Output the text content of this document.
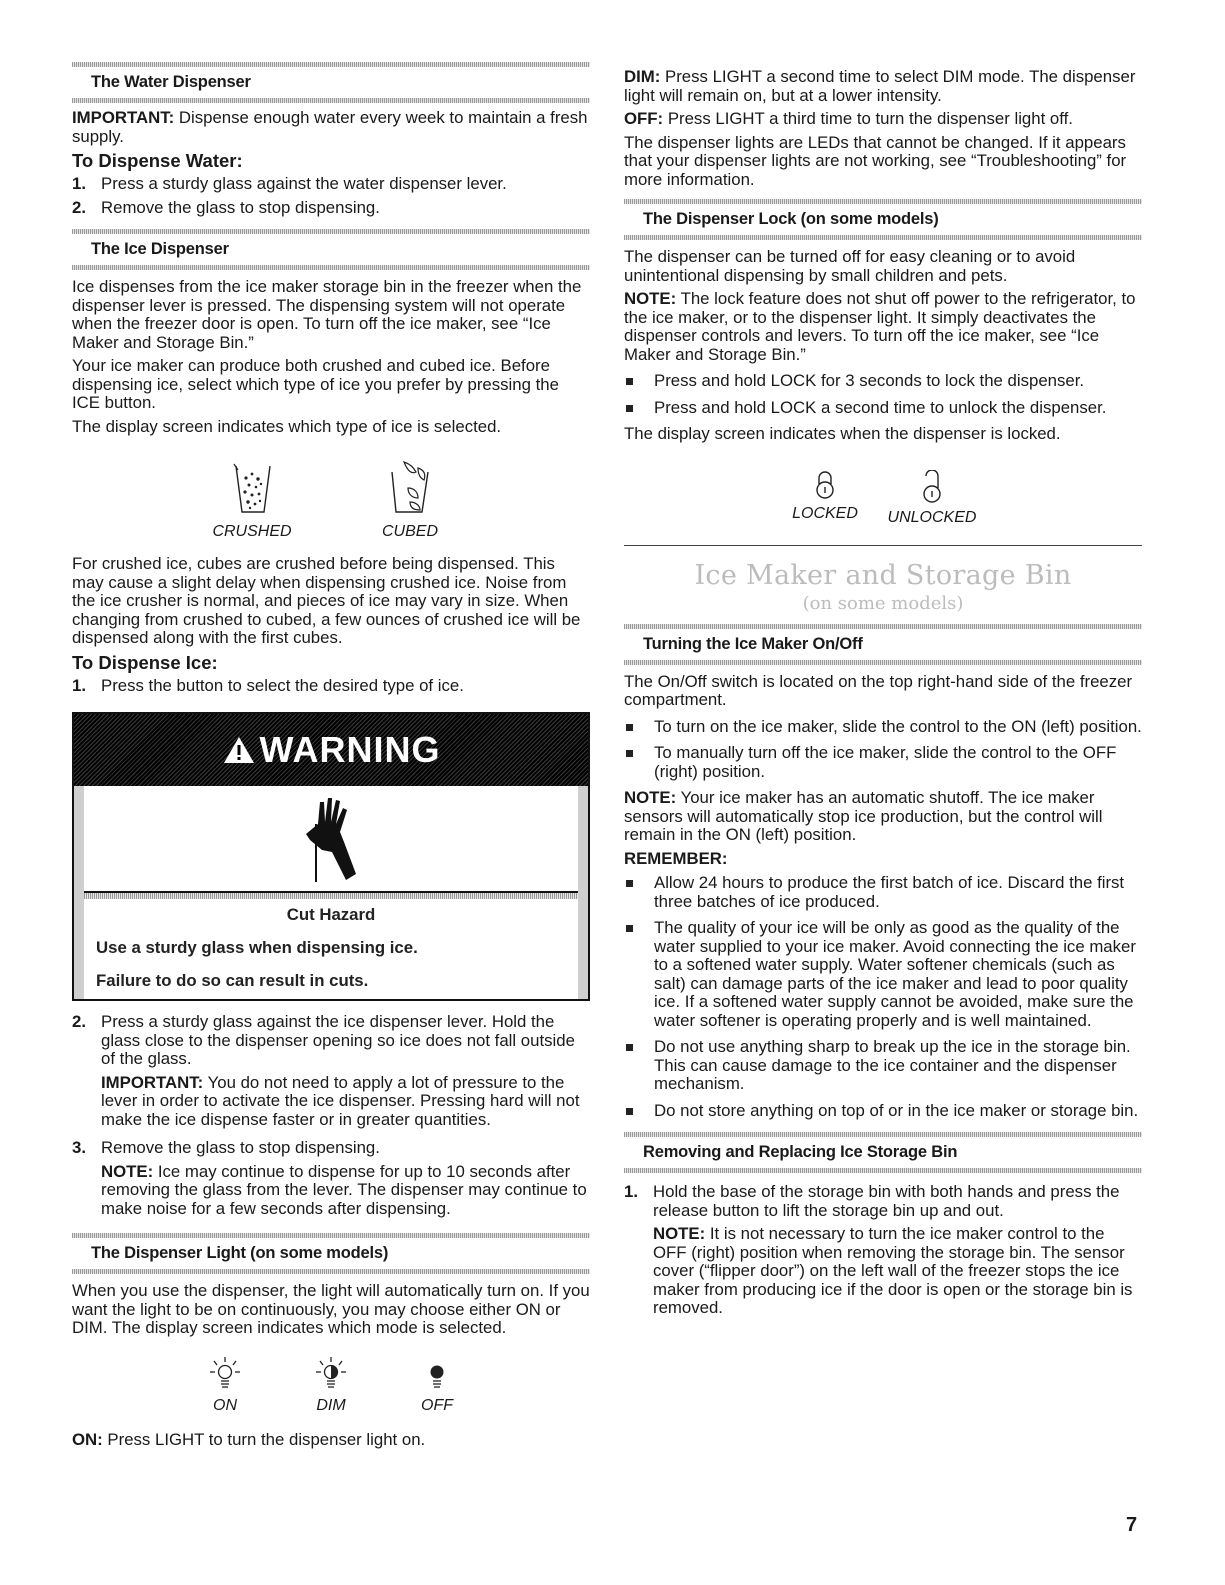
The Water Dispenser

IMPORTANT: Dispense enough water every week to maintain a fresh supply.

To Dispense Water:
1. Press a sturdy glass against the water dispenser lever.
2. Remove the glass to stop dispensing.
The Ice Dispenser

Ice dispenses from the ice maker storage bin in the freezer when the dispenser lever is pressed. The dispensing system will not operate when the freezer door is open. To turn off the ice maker, see “Ice Maker and Storage Bin.”

Your ice maker can produce both crushed and cubed ice. Before dispensing ice, select which type of ice you prefer by pressing the ICE button.

The display screen indicates which type of ice is selected.

CRUSHED	CUBED

For crushed ice, cubes are crushed before being dispensed. This may cause a slight delay when dispensing crushed ice. Noise from the ice crusher is normal, and pieces of ice may vary in size. When changing from crushed to cubed, a few ounces of crushed ice will be dispensed along with the first cubes.

To Dispense Ice:
1. Press the button to select the desired type of ice.
WARNING
Cut Hazard
Use a sturdy glass when dispensing ice.
Failure to do so can result in cuts.
2. Press a sturdy glass against the ice dispenser lever. Hold the glass close to the dispenser opening so ice does not fall outside of the glass.

IMPORTANT: You do not need to apply a lot of pressure to the lever in order to activate the ice dispenser. Pressing hard will not make the ice dispense faster or in greater quantities.

3. Remove the glass to stop dispensing.

NOTE: Ice may continue to dispense for up to 10 seconds after removing the glass from the lever. The dispenser may continue to make noise for a few seconds after dispensing.

The Dispenser Light (on some models)

When you use the dispenser, the light will automatically turn on. If you want the light to be on continuously, you may choose either ON or DIM. The display screen indicates which mode is selected.

ON	DIM	OFF

ON: Press LIGHT to turn the dispenser light on.

DIM: Press LIGHT a second time to select DIM mode. The dispenser light will remain on, but at a lower intensity.

OFF: Press LIGHT a third time to turn the dispenser light off.

The dispenser lights are LEDs that cannot be changed. If it appears that your dispenser lights are not working, see “Troubleshooting” for more information.

The Dispenser Lock (on some models)

The dispenser can be turned off for easy cleaning or to avoid unintentional dispensing by small children and pets.

NOTE: The lock feature does not shut off power to the refrigerator, to the ice maker, or to the dispenser light. It simply deactivates the dispenser controls and levers. To turn off the ice maker, see “Ice Maker and Storage Bin.”

Press and hold LOCK for 3 seconds to lock the dispenser.
Press and hold LOCK a second time to unlock the dispenser.

The display screen indicates when the dispenser is locked.

LOCKED	UNLOCKED
Ice Maker and Storage Bin
(on some models)
Turning the Ice Maker On/Off

The On/Off switch is located on the top right-hand side of the freezer compartment.

To turn on the ice maker, slide the control to the ON (left) position.
To manually turn off the ice maker, slide the control to the OFF (right) position.

NOTE: Your ice maker has an automatic shutoff. The ice maker sensors will automatically stop ice production, but the control will remain in the ON (left) position.

REMEMBER:

Allow 24 hours to produce the first batch of ice. Discard the first three batches of ice produced.
The quality of your ice will be only as good as the quality of the water supplied to your ice maker. Avoid connecting the ice maker to a softened water supply. Water softener chemicals (such as salt) can damage parts of the ice maker and lead to poor quality ice. If a softened water supply cannot be avoided, make sure the water softener is operating properly and is well maintained.
Do not use anything sharp to break up the ice in the storage bin. This can cause damage to the ice container and the dispenser mechanism.
Do not store anything on top of or in the ice maker or storage bin.
Removing and Replacing Ice Storage Bin
1. Hold the base of the storage bin with both hands and press the release button to lift the storage bin up and out.

NOTE: It is not necessary to turn the ice maker control to the OFF (right) position when removing the storage bin. The sensor cover (“flipper door”) on the left wall of the freezer stops the ice maker from producing ice if the door is open or the storage bin is removed.

7
